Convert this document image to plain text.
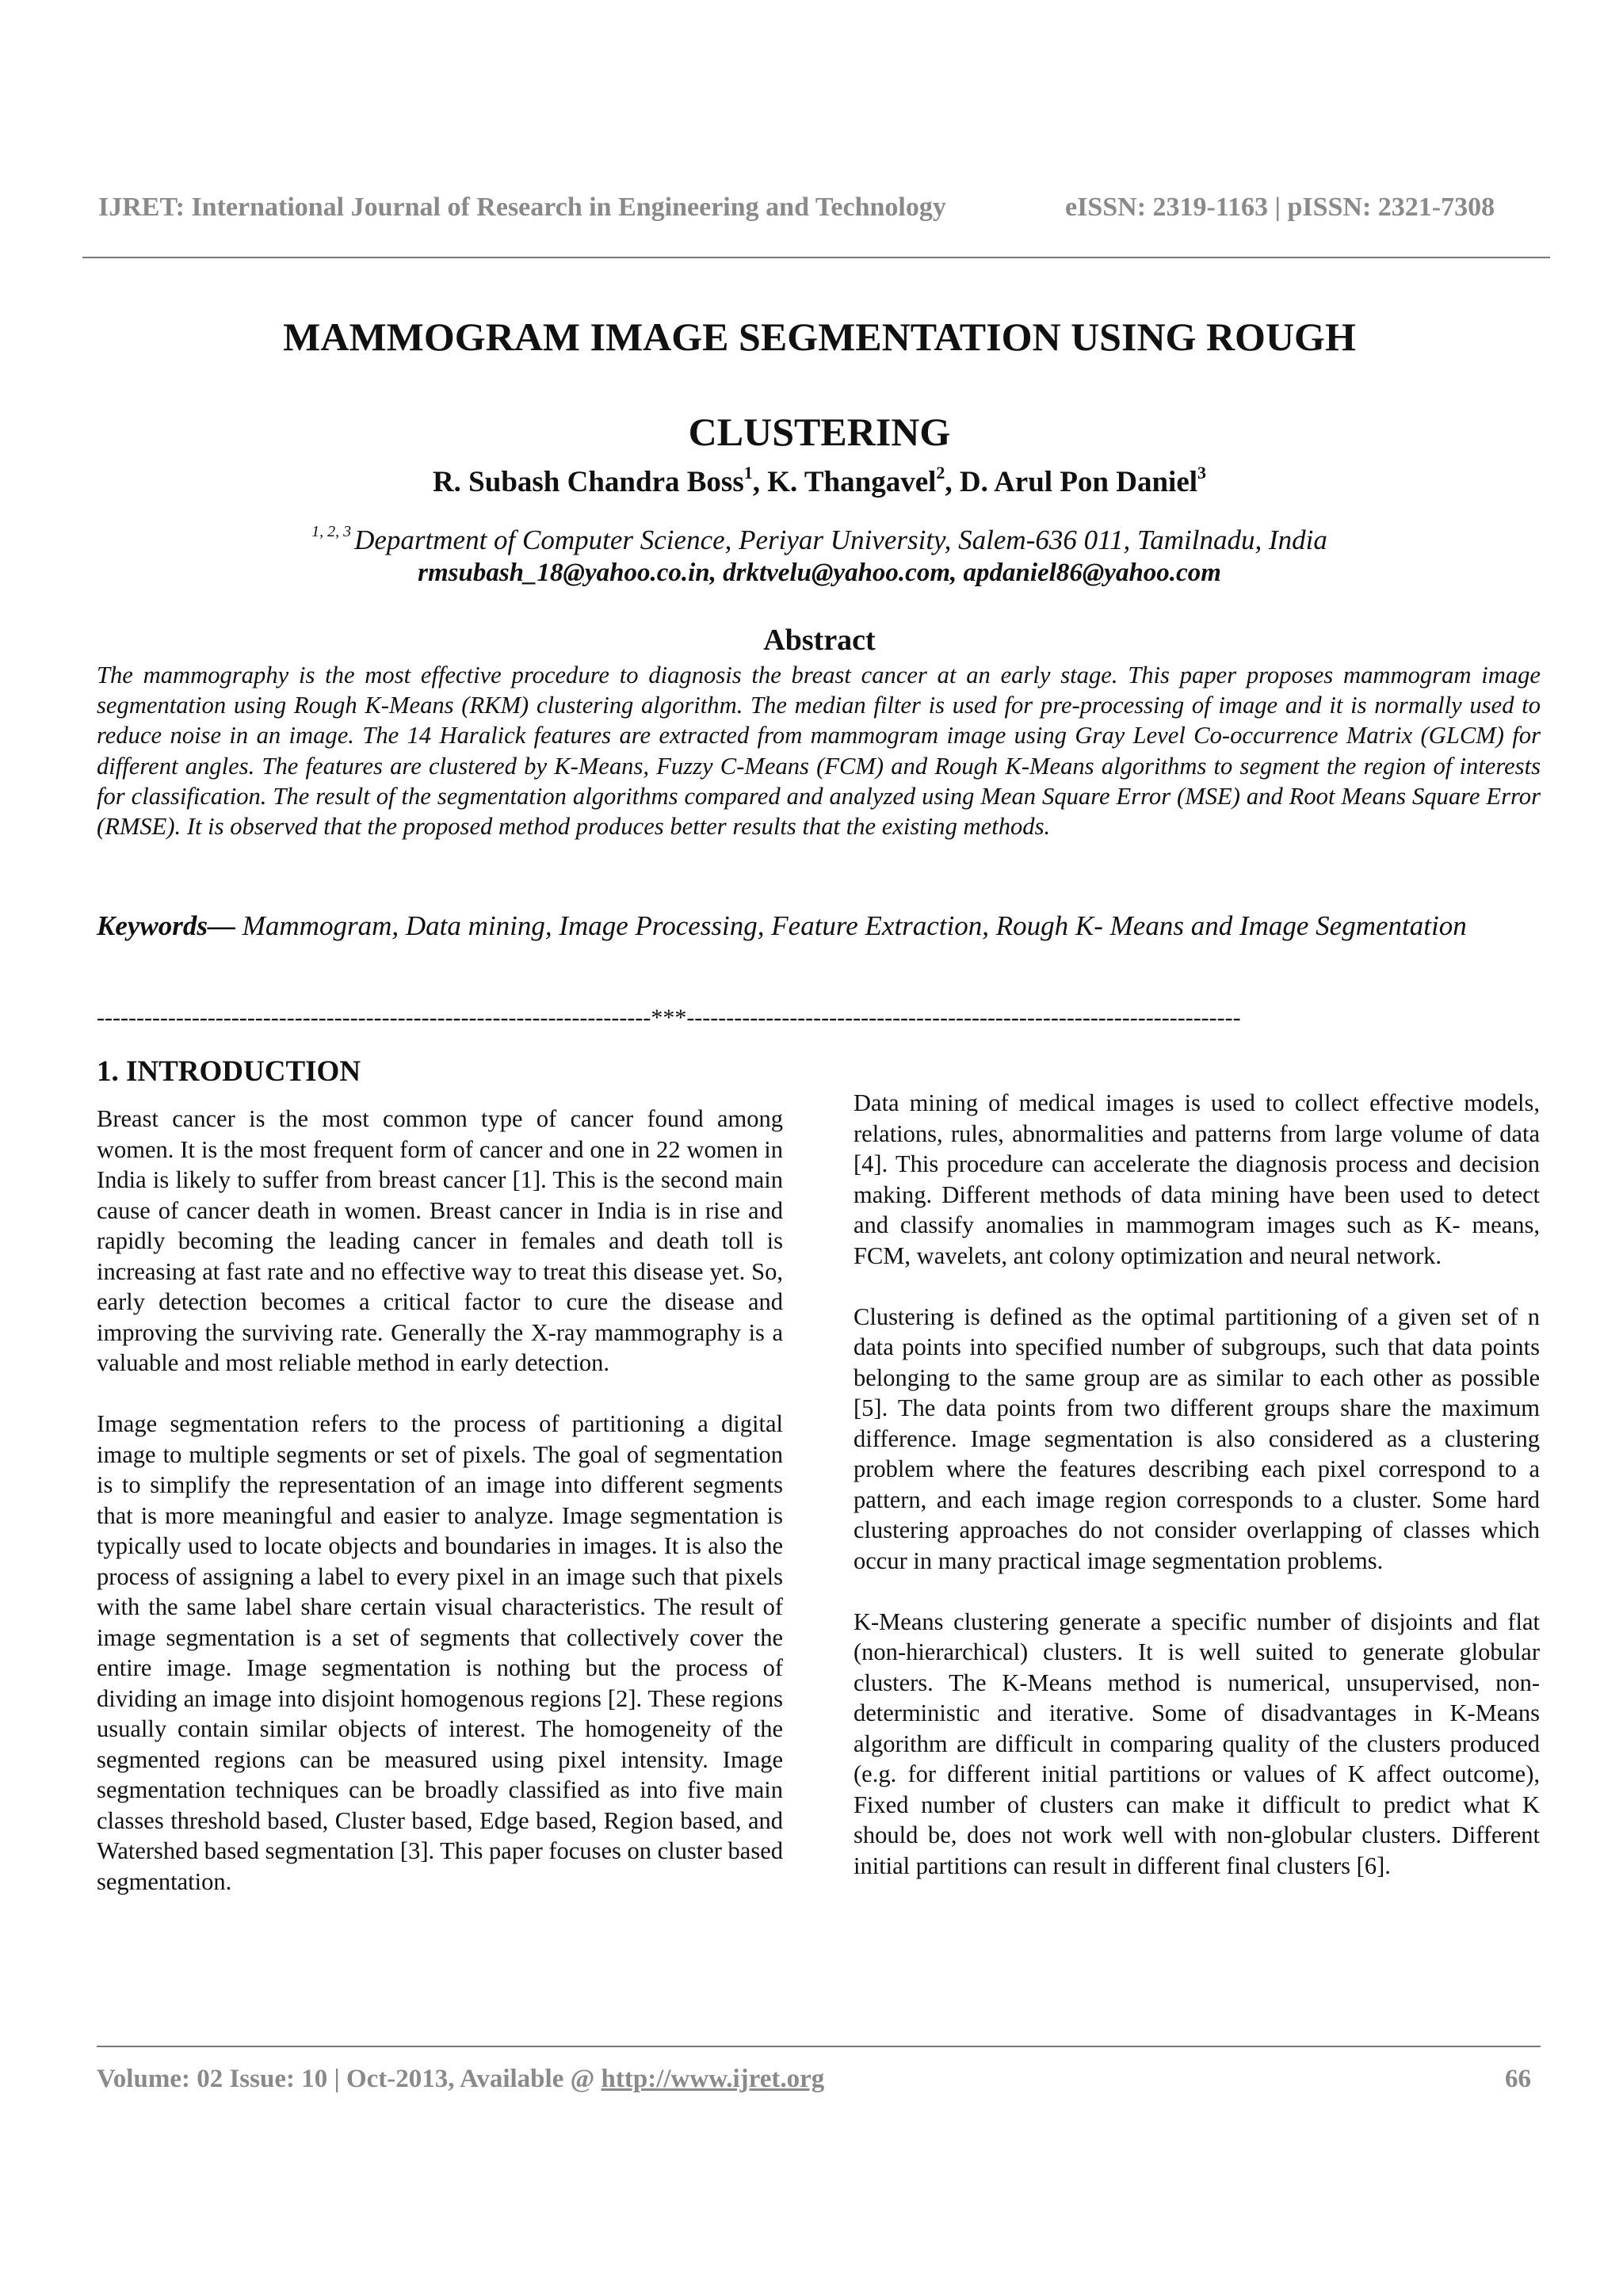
IJRET: International Journal of Research in Engineering and Technology	eISSN: 2319-1163 | pISSN: 2321-7308
MAMMOGRAM IMAGE SEGMENTATION USING ROUGH
CLUSTERING
R. Subash Chandra Boss$^1$, K. Thangavel$^2$, D. Arul Pon Daniel$^3$
$^{1, 2, 3}$ Department of Computer Science, Periyar University, Salem-636 011, Tamilnadu, India
rmsubash_18@yahoo.co.in, drktvelu@yahoo.com, apdaniel86@yahoo.com
Abstract
The mammography is the most effective procedure to diagnosis the breast cancer at an early stage. This paper proposes mammogram image segmentation using Rough K-Means (RKM) clustering algorithm. The median filter is used for pre-processing of image and it is normally used to reduce noise in an image. The 14 Haralick features are extracted from mammogram image using Gray Level Co-occurrence Matrix (GLCM) for different angles. The features are clustered by K-Means, Fuzzy C-Means (FCM) and Rough K-Means algorithms to segment the region of interests for classification. The result of the segmentation algorithms compared and analyzed using Mean Square Error (MSE) and Root Means Square Error (RMSE). It is observed that the proposed method produces better results that the existing methods.
Keywords— Mammogram, Data mining, Image Processing, Feature Extraction, Rough K- Means and Image Segmentation
----------------------------------------------------------------------***----------------------------------------------------------------------
1. INTRODUCTION

Breast cancer is the most common type of cancer found among women. It is the most frequent form of cancer and one in 22 women in India is likely to suffer from breast cancer [1]. This is the second main cause of cancer death in women. Breast cancer in India is in rise and rapidly becoming the leading cancer in females and death toll is increasing at fast rate and no effective way to treat this disease yet. So, early detection becomes a critical factor to cure the disease and improving the surviving rate. Generally the X-ray mammography is a valuable and most reliable method in early detection.

Image segmentation refers to the process of partitioning a digital image to multiple segments or set of pixels. The goal of segmentation is to simplify the representation of an image into different segments that is more meaningful and easier to analyze. Image segmentation is typically used to locate objects and boundaries in images. It is also the process of assigning a label to every pixel in an image such that pixels with the same label share certain visual characteristics. The result of image segmentation is a set of segments that collectively cover the entire image. Image segmentation is nothing but the process of dividing an image into disjoint homogenous regions [2]. These regions usually contain similar objects of interest. The homogeneity of the segmented regions can be measured using pixel intensity. Image segmentation techniques can be broadly classified as into five main classes threshold based, Cluster based, Edge based, Region based, and Watershed based segmentation [3]. This paper focuses on cluster based segmentation.

Data mining of medical images is used to collect effective models, relations, rules, abnormalities and patterns from large volume of data [4]. This procedure can accelerate the diagnosis process and decision making. Different methods of data mining have been used to detect and classify anomalies in mammogram images such as K- means, FCM, wavelets, ant colony optimization and neural network.

Clustering is defined as the optimal partitioning of a given set of n data points into specified number of subgroups, such that data points belonging to the same group are as similar to each other as possible [5]. The data points from two different groups share the maximum difference. Image segmentation is also considered as a clustering problem where the features describing each pixel correspond to a pattern, and each image region corresponds to a cluster. Some hard clustering approaches do not consider overlapping of classes which occur in many practical image segmentation problems.

K-Means clustering generate a specific number of disjoints and flat (non-hierarchical) clusters. It is well suited to generate globular clusters. The K-Means method is numerical, unsupervised, non-deterministic and iterative. Some of disadvantages in K-Means algorithm are difficult in comparing quality of the clusters produced (e.g. for different initial partitions or values of K affect outcome), Fixed number of clusters can make it difficult to predict what K should be, does not work well with non-globular clusters. Different initial partitions can result in different final clusters [6].

Volume: 02 Issue: 10 | Oct-2013, Available @ http://www.ijret.org	66
